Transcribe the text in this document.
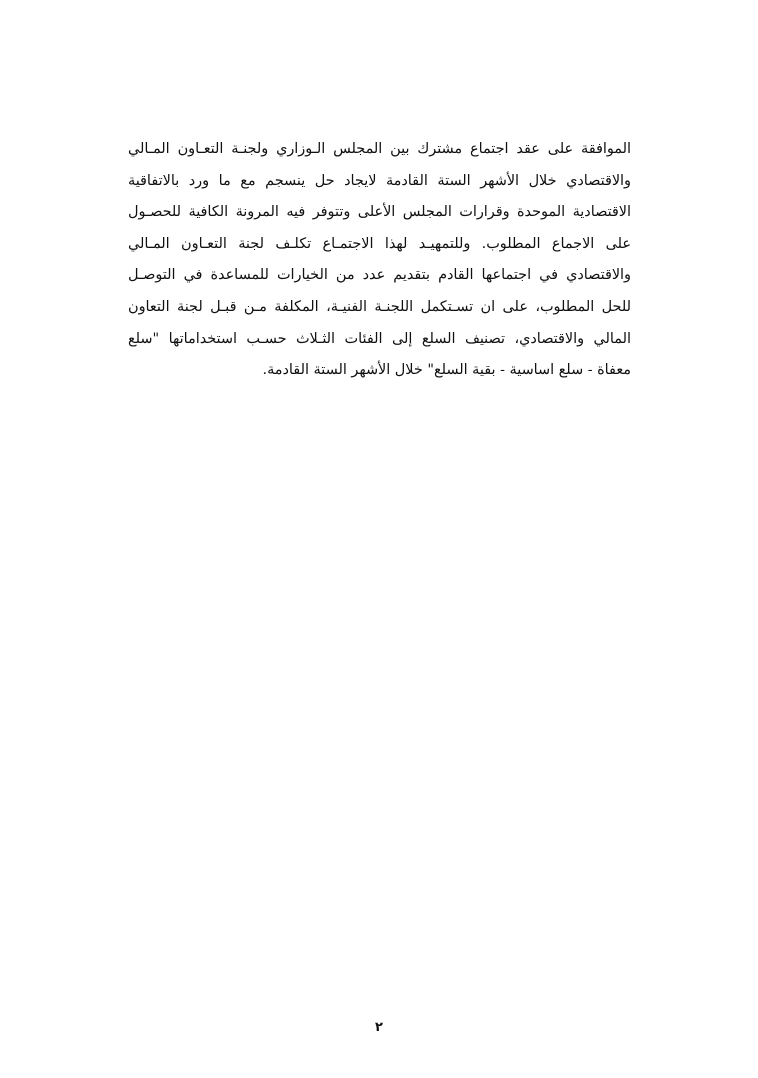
الموافقة على عقد اجتماع مشترك بين المجلس الـوزاري ولجنـة التعـاون المـالي
والاقتصادي خلال الأشهر الستة القادمة لايجاد حل ينسجم مع ما ورد بالاتفاقية
الاقتصادية الموحدة وقرارات المجلس الأعلى وتتوفر فيه المرونة الكافية للحصـول
على الاجماع المطلوب. وللتمهيـد لهذا الاجتمـاع تكلـف لجنة التعـاون المـالي
والاقتصادي في اجتماعها القادم بتقديم عدد من الخيارات للمساعدة في التوصـل
للحل المطلوب، على ان تسـتكمل اللجنـة الفنيـة، المكلفة مـن قبـل لجنة التعاون
المالي والاقتصادي، تصنيف السلع إلى الفئات الثـلاث حسـب استخداماتها "سلع
معفاة - سلع اساسية - بقية السلع" خلال الأشهر الستة القادمة.
٢
